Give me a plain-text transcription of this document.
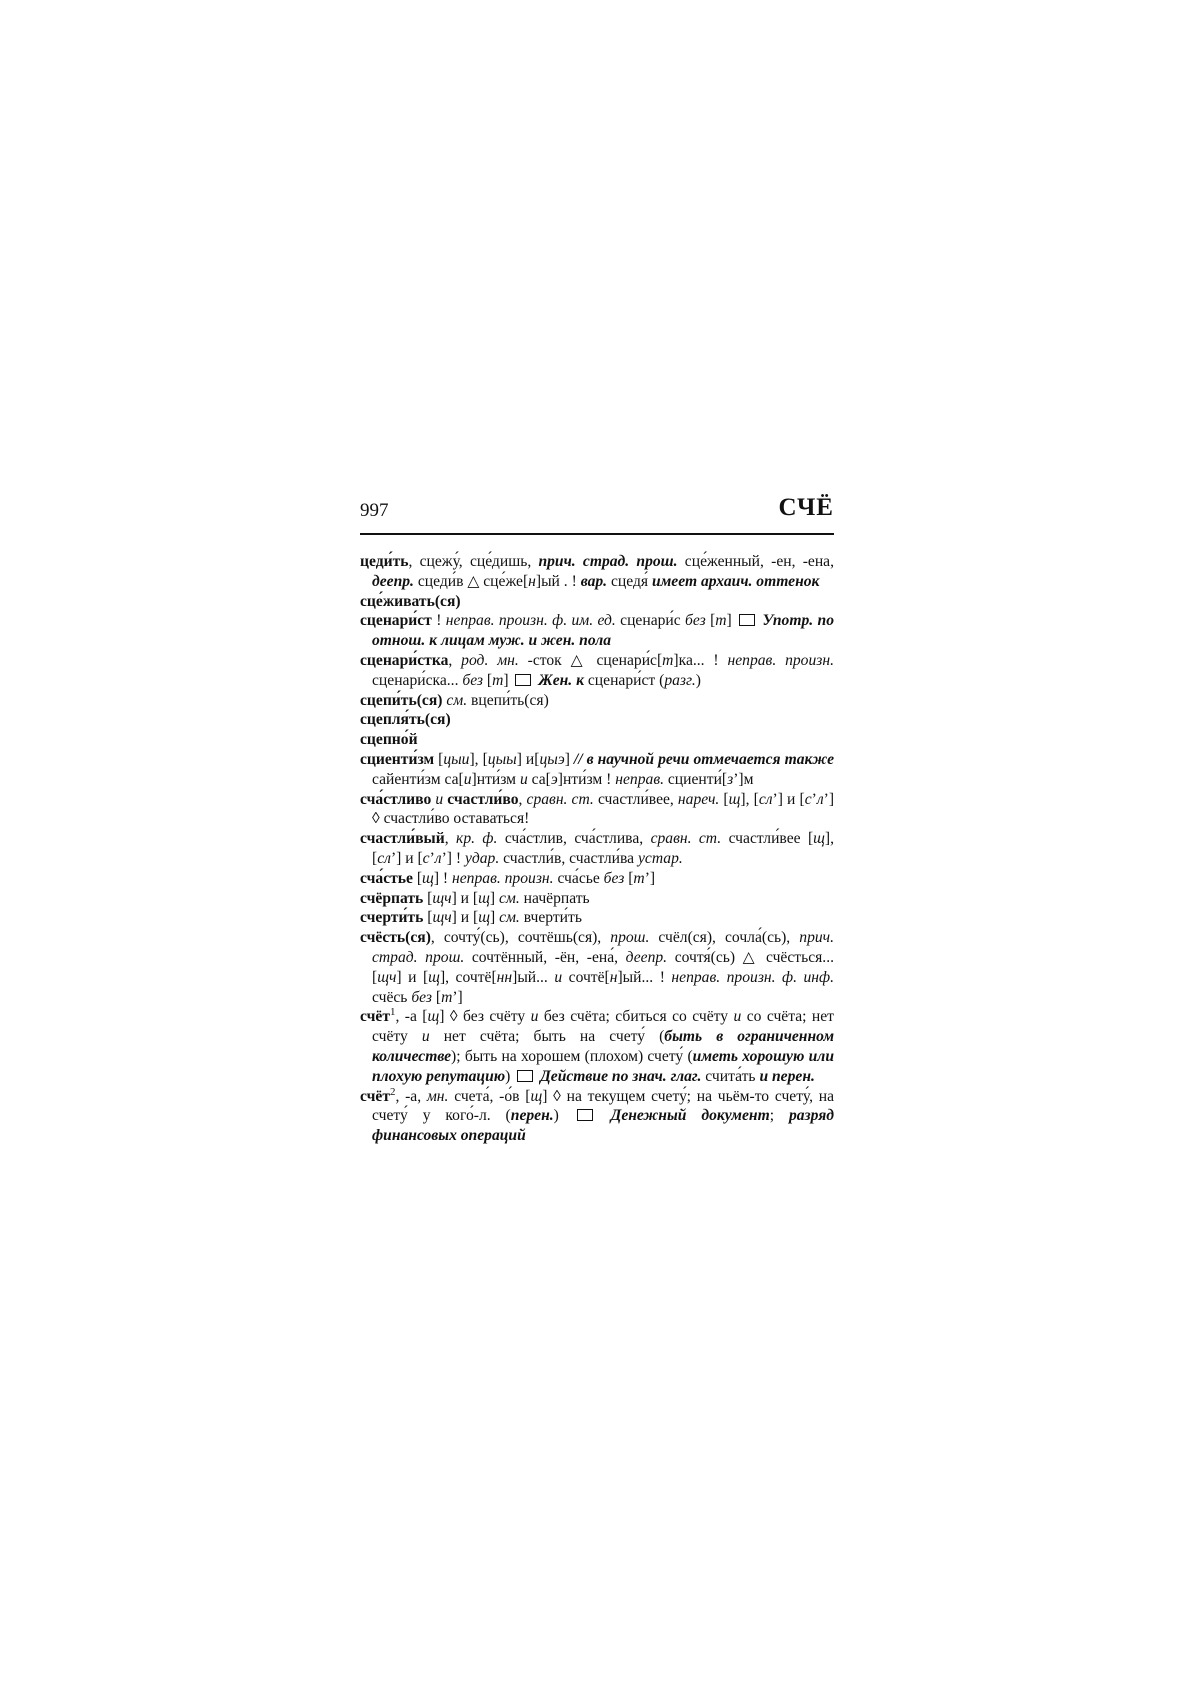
997	СЧЁ

цеди́ть, сцежу́, сце́дишь, прич. страд. прош. сце́женный, -ен, -ена, деепр. сцеди́в △ сце́же[н]ый . ! вар. сцедя́ имеет архаич. оттенок

сце́живать(ся)

сценари́ст ! неправ. произн. ф. им. ед. сценари́с без [т]  Употр. по отнош. к лицам муж. и жен. пола

сценари́стка, род. мн. -сток △ сценари́с[т]ка... ! неправ. произн. сценари́ска... без [т]  Жен. к сценари́ст (разг.)

сцепи́ть(ся) см. вцепи́ть(ся)

сцепля́ть(ся)

сцепно́й

сциенти́зм [цыи], [цыы] и[цыэ] // в научной речи отмечается также сайенти́зм са[и]нти́зм и са[э]нти́зм ! неправ. сциенти́[зʼ]м

сча́стливо и счастли́во, сравн. ст. счастли́вее, нареч. [щ], [слʼ] и [сʼлʼ] ◊ счастли́во оставаться!

счастли́вый, кр. ф. сча́стлив, сча́стлива, сравн. ст. счастли́вее [щ], [слʼ] и [сʼлʼ] ! удар. счастли́в, счастли́ва устар.

сча́стье [щ] ! неправ. произн. сча́сье без [тʼ]

счёрпать [щч] и [щ] см. начёрпать

счерти́ть [щч] и [щ] см. вчерти́ть

счёсть(ся), сочту́(сь), сочтёшь(ся), прош. счёл(ся), сочла́(сь), прич. страд. прош. сочтённый, -ён, -ена́, деепр. сочтя́(сь) △ счёсться... [щч] и [щ], сочтё[нн]ый... и сочтё[н]ый... ! неправ. произн. ф. инф. счёсь без [тʼ]

счёт$^1$, -а [щ] ◊ без счёту и без счёта; сбиться со счёту и со счёта; нет счёту и нет счёта; быть на счету́ (быть в ограниченном количестве); быть на хорошем (плохом) счету́ (иметь хорошую или плохую репутацию)  Действие по знач. глаг. счита́ть и перен.

счёт$^2$, -а, мн. счета́, -о́в [щ] ◊ на текущем счету́; на чьём-то счету́, на счету́ у кого́-л. (перен.)  Денежный документ; разряд финансовых операций
